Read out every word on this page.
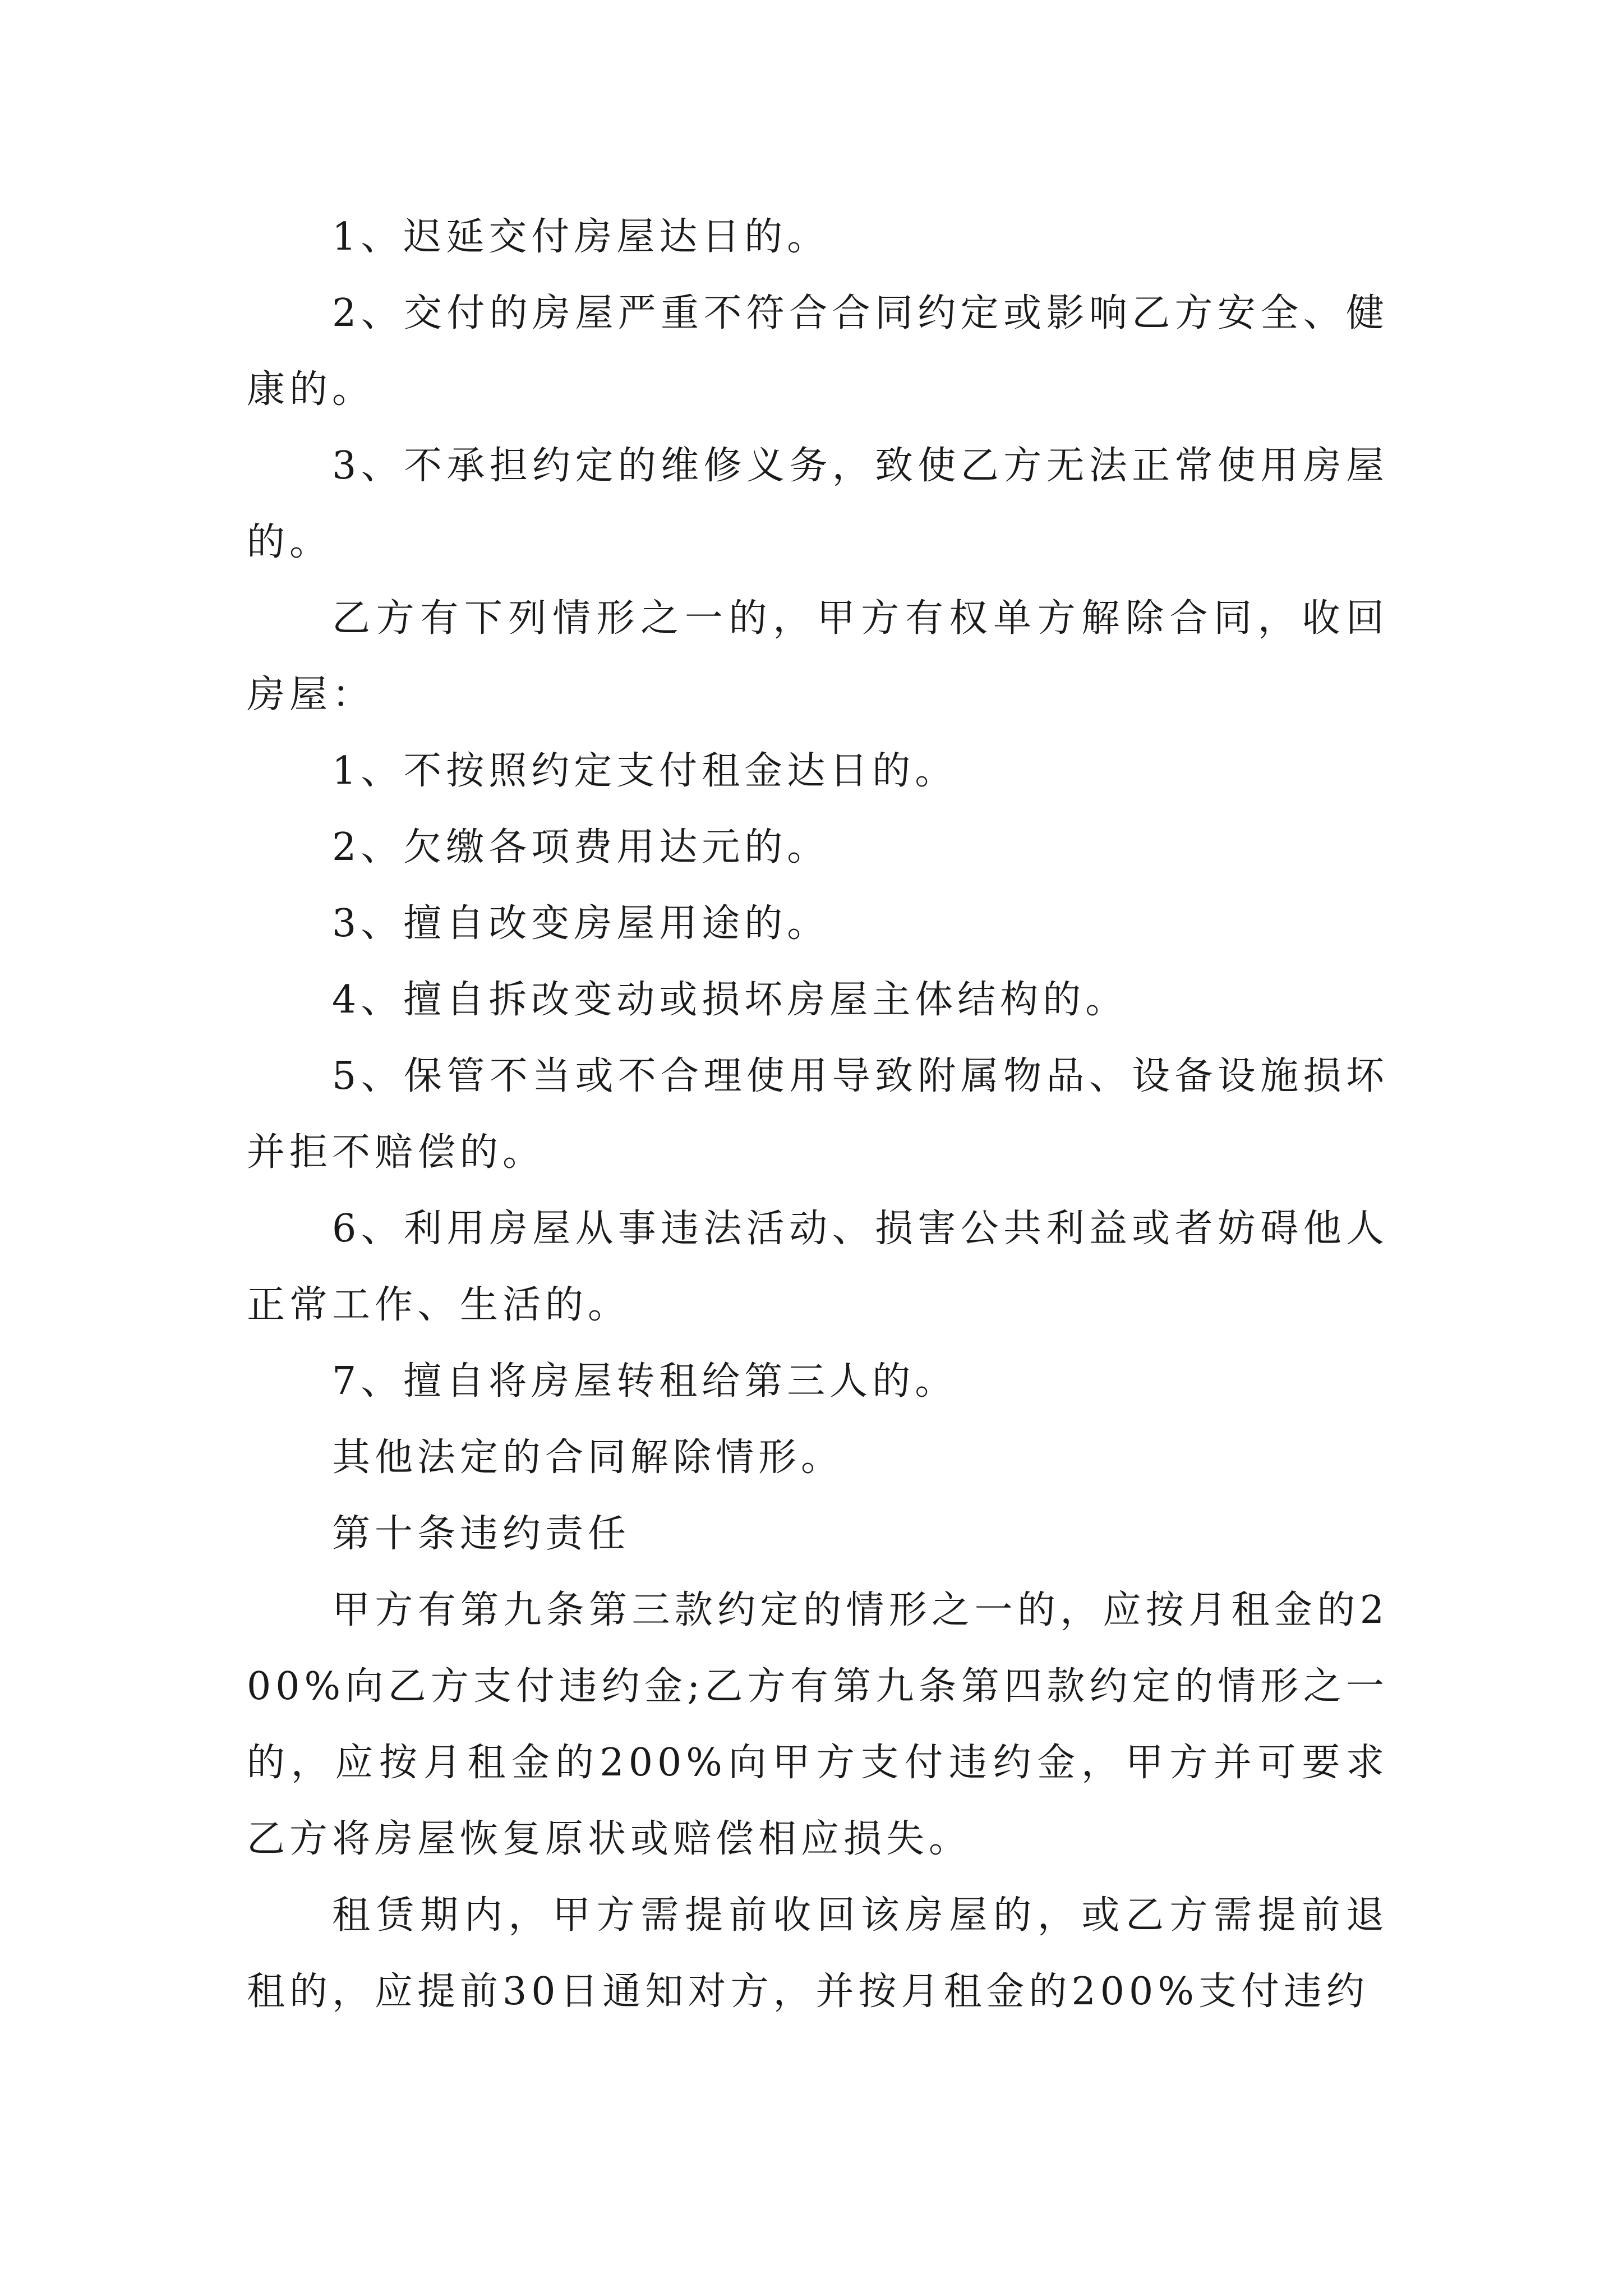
1、迟延交付房屋达日的。

2、交付的房屋严重不符合合同约定或影响乙方安全、健康的。

3、不承担约定的维修义务，致使乙方无法正常使用房屋的。

乙方有下列情形之一的，甲方有权单方解除合同，收回房屋：

1、不按照约定支付租金达日的。

2、欠缴各项费用达元的。

3、擅自改变房屋用途的。

4、擅自拆改变动或损坏房屋主体结构的。

5、保管不当或不合理使用导致附属物品、设备设施损坏并拒不赔偿的。

6、利用房屋从事违法活动、损害公共利益或者妨碍他人正常工作、生活的。

7、擅自将房屋转租给第三人的。

其他法定的合同解除情形。

第十条违约责任

甲方有第九条第三款约定的情形之一的，应按月租金的200%向乙方支付违约金;乙方有第九条第四款约定的情形之一的，应按月租金的200%向甲方支付违约金，甲方并可要求乙方将房屋恢复原状或赔偿相应损失。

租赁期内，甲方需提前收回该房屋的，或乙方需提前退租的，应提前30日通知对方，并按月租金的200%支付违约
